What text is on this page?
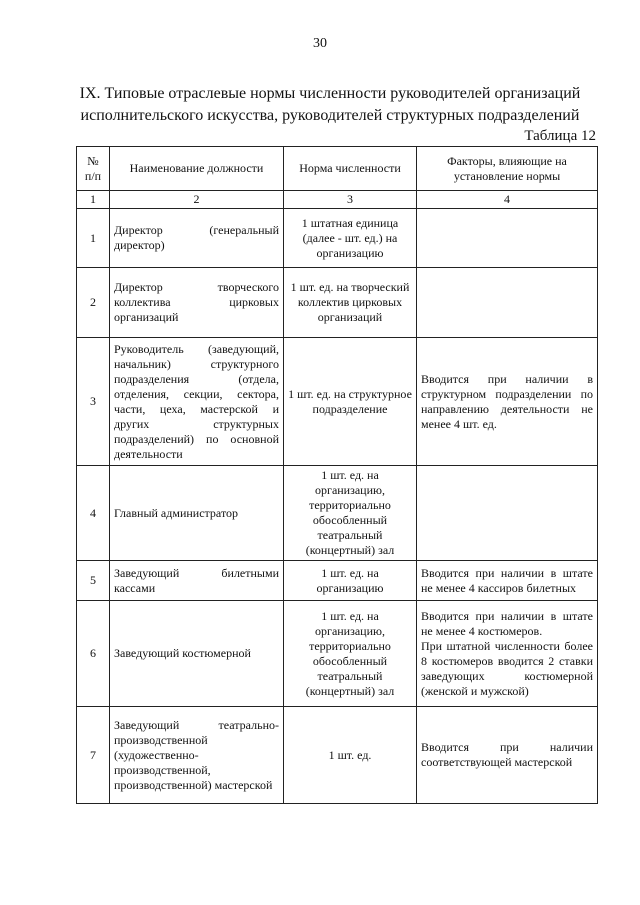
30
IX. Типовые отраслевые нормы численности руководителей организаций
исполнительского искусства, руководителей структурных подразделений
Таблица 12
№ п/п	Наименование должности	Норма численности	Факторы, влияющие на установление нормы
1	2	3	4
1	Директор (генеральный директор)	1 штатная единица (далее - шт. ед.) на организацию	

2	Директор творческого коллектива цирковых организаций	1 шт. ед. на творческий коллектив цирковых организаций	

3	Руководитель (заведующий, начальник) структурного подразделения (отдела, отделения, секции, сектора, части, цеха, мастерской и других структурных подразделений) по основной деятельности	1 шт. ед. на структурное подразделение	Вводится при наличии в структурном подразделении по направлению деятельности не менее 4 шт. ед.

4	Главный администратор	1 шт. ед. на организацию, территориально обособленный театральный (концертный) зал	

5	Заведующий билетными кассами	1 шт. ед. на организацию	Вводится при наличии в штате не менее 4 кассиров билетных

6	Заведующий костюмерной	1 шт. ед. на организацию, территориально обособленный театральный (концертный) зал	Вводится при наличии в штате не менее 4 костюмеров.
При штатной численности более 8 костюмеров вводится 2 ставки заведующих костюмерной (женской и мужской)

7	Заведующий театрально-производственной (художественно-производственной, производственной) мастерской	1 шт. ед.	Вводится при наличии соответствующей мастерской
